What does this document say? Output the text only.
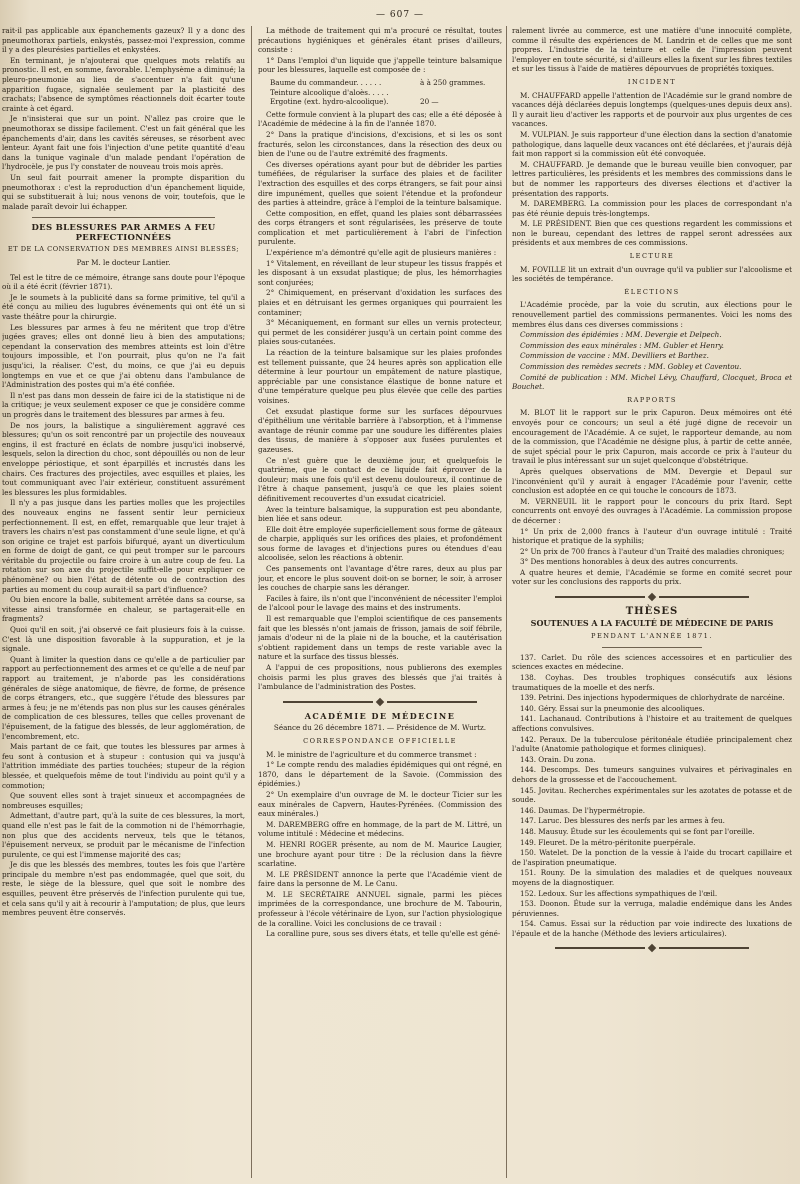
— 607 —

rait-il pas applicable aux épanchements gazeux? Il y a donc des pneumothorax partiels, enkystés, passez-moi l'expression, comme il y a des pleurésies partielles et enkystées.

En terminant, je n'ajouterai que quelques mots relatifs au pronostic. Il est, en somme, favorable. L'emphysème a diminué; la pleuro-pneumonie au lieu de s'accentuer n'a fait qu'une apparition fugace, signalée seulement par la plasticité des crachats; l'absence de symptômes réactionnels doit écarter toute crainte à cet égard.

Je n'insisterai que sur un point. N'allez pas croire que le pneumothorax se dissipe facilement. C'est un fait général que les épanchements d'air, dans les cavités séreuses, se résorbent avec lenteur. Ayant fait une fois l'injection d'une petite quantité d'eau dans la tunique vaginale d'un malade pendant l'opération de l'hydrocèle, je pus l'y constater de nouveau trois mois après.

Un seul fait pourrait amener la prompte disparition du pneumothorax : c'est la reproduction d'un épanchement liquide, qui se substituerait à lui; nous venons de voir, toutefois, que le malade paraît devoir lui échapper.

DES BLESSURES PAR ARMES A FEU PERFECTIONNÉES
ET DE LA CONSERVATION DES MEMBRES AINSI BLESSÉS;
Par M. le docteur Lantier.

Tel est le titre de ce mémoire, étrange sans doute pour l'époque où il a été écrit (février 1871).

Je le soumets à la publicité dans sa forme primitive, tel qu'il a été conçu au milieu des lugubres événements qui ont été un si vaste théâtre pour la chirurgie.

Les blessures par armes à feu ne méritent que trop d'être jugées graves; elles ont donné lieu à bien des amputations; cependant la conservation des membres atteints est loin d'être toujours impossible, et l'on pourrait, plus qu'on ne l'a fait jusqu'ici, la réaliser. C'est, du moins, ce que j'ai eu depuis longtemps en vue et ce que j'ai obtenu dans l'ambulance de l'Administration des postes qui m'a été confiée.

Il n'est pas dans mon dessein de faire ici de la statistique ni de la critique; je veux seulement exposer ce que je considère comme un progrès dans le traitement des blessures par armes à feu.

De nos jours, la balistique a singulièrement aggravé ces blessures; qu'un os soit rencontré par un projectile des nouveaux engins, il est fracturé en éclats de nombre jusqu'ici inobservé, lesquels, selon la direction du choc, sont dépouillés ou non de leur enveloppe périostique, et sont éparpillés et incrustés dans les chairs. Ces fractures des projectiles, avec esquilles et plaies, les tout communiquant avec l'air extérieur, constituent assurément les blessures les plus formidables.

Il n'y a pas jusque dans les parties molles que les projectiles des nouveaux engins ne fassent sentir leur pernicieux perfectionnement. Il est, en effet, remarquable que leur trajet à travers les chairs n'est pas constamment d'une seule ligne, et qu'à son origine ce trajet est parfois bifurqué, ayant un diverticulum en forme de doigt de gant, ce qui peut tromper sur le parcours véritable du projectile ou faire croire à un autre coup de feu. La rotation sur son axe du projectile suffit-elle pour expliquer ce phénomène? ou bien l'état de détente ou de contraction des parties au moment du coup aurait-il sa part d'influence?

Ou bien encore la balle, subitement arrêtée dans sa course, sa vitesse ainsi transformée en chaleur, se partagerait-elle en fragments?

Quoi qu'il en soit, j'ai observé ce fait plusieurs fois à la cuisse. C'est là une disposition favorable à la suppuration, et je la signale.

Quant à limiter la question dans ce qu'elle a de particulier par rapport au perfectionnement des armes et ce qu'elle a de neuf par rapport au traitement, je n'aborde pas les considérations générales de siège anatomique, de fièvre, de forme, de présence de corps étrangers, etc., que suggère l'étude des blessures par armes à feu; je ne m'étends pas non plus sur les causes générales de complication de ces blessures, telles que celles provenant de l'épuisement, de la fatigue des blessés, de leur agglomération, de l'encombrement, etc.

Mais partant de ce fait, que toutes les blessures par armes à feu sont à contusion et à stupeur : contusion qui va jusqu'à l'attrition immédiate des parties touchées; stupeur de la région blessée, et quelquefois même de tout l'individu au point qu'il y a commotion;

Que souvent elles sont à trajet sinueux et accompagnées de nombreuses esquilles;

Admettant, d'autre part, qu'à la suite de ces blessures, la mort, quand elle n'est pas le fait de la commotion ni de l'hémorrhagie, non plus que des accidents nerveux, tels que le tétanos, l'épuisement nerveux, se produit par le mécanisme de l'infection purulente, ce qui est l'immense majorité des cas;

Je dis que les blessés des membres, toutes les fois que l'artère principale du membre n'est pas endommagée, quel que soit, du reste, le siège de la blessure, quel que soit le nombre des esquilles, peuvent être préservés de l'infection purulente qui tue, et cela sans qu'il y ait à recourir à l'amputation; de plus, que leurs membres peuvent être conservés.

La méthode de traitement qui m'a procuré ce résultat, toutes précautions hygiéniques et générales étant prises d'ailleurs, consiste :

1° Dans l'emploi d'un liquide que j'appelle teinture balsamique pour les blessures, laquelle est composée de :

Baume du commandeur. . . . . .	à à 250 grammes.
Teinture alcoolique d'aloès. . . . .
Ergotine (ext. hydro-alcoolique).	20 —

Cette formule convient à la plupart des cas; elle a été déposée à l'Académie de médecine à la fin de l'année 1870.

2° Dans la pratique d'incisions, d'excisions, et si les os sont fracturés, selon les circonstances, dans la résection des deux ou bien de l'une ou de l'autre extrémité des fragments.

Ces diverses opérations ayant pour but de débrider les parties tuméfiées, de régulariser la surface des plaies et de faciliter l'extraction des esquilles et des corps étrangers, se fait pour ainsi dire impunément, quelles que soient l'étendue et la profondeur des parties à atteindre, grâce à l'emploi de la teinture balsamique.

Cette composition, en effet, quand les plaies sont débarrassées des corps étrangers et sont régularisées, les préserve de toute complication et met particulièrement à l'abri de l'infection purulente.

L'expérience m'a démontré qu'elle agit de plusieurs manières :

1° Vitalement, en réveillant de leur stupeur les tissus frappés et les disposant à un exsudat plastique; de plus, les hémorrhagies sont conjurées;

2° Chimiquement, en préservant d'oxidation les surfaces des plaies et en détruisant les germes organiques qui pourraient les contaminer;

3° Mécaniquement, en formant sur elles un vernis protecteur, qui permet de les considérer jusqu'à un certain point comme des plaies sous-cutanées.

La réaction de la teinture balsamique sur les plaies profondes est tellement puissante, que 24 heures après son application elle détermine à leur pourtour un empâtement de nature plastique, appréciable par une consistance élastique de bonne nature et d'une température quelque peu plus élevée que celle des parties voisines.

Cet exsudat plastique forme sur les surfaces dépourvues d'épithélium une véritable barrière à l'absorption, et à l'immense avantage de réunir comme par une soudure les différentes plaies des tissus, de manière à s'opposer aux fusées purulentes et gazeuses.

Ce n'est guère que le deuxième jour, et quelquefois le quatrième, que le contact de ce liquide fait éprouver de la douleur; mais une fois qu'il est devenu douloureux, il continue de l'être à chaque pansement, jusqu'à ce que les plaies soient définitivement recouvertes d'un exsudat cicatriciel.

Avec la teinture balsamique, la suppuration est peu abondante, bien liée et sans odeur.

Elle doit être employée superficiellement sous forme de gâteaux de charpie, appliqués sur les orifices des plaies, et profondément sous forme de lavages et d'injections pures ou étendues d'eau alcoolisée, selon les réactions à obtenir.

Ces pansements ont l'avantage d'être rares, deux au plus par jour, et encore le plus souvent doit-on se borner, le soir, à arroser les couches de charpie sans les déranger.

Faciles à faire, ils n'ont que l'inconvénient de nécessiter l'emploi de l'alcool pour le lavage des mains et des instruments.

Il est remarquable que l'emploi scientifique de ces pansements fait que les blessés n'ont jamais de frisson, jamais de soif fébrile, jamais d'odeur ni de la plaie ni de la bouche, et la cautérisation s'obtient rapidement dans un temps de reste variable avec la nature et la surface des tissus blessés.

A l'appui de ces propositions, nous publierons des exemples choisis parmi les plus graves des blessés que j'ai traités à l'ambulance de l'administration des Postes.

ACADÉMIE DE MÉDECINE

Séance du 26 décembre 1871. — Présidence de M. Wurtz.

CORRESPONDANCE OFFICIELLE

M. le ministre de l'agriculture et du commerce transmet :

1° Le compte rendu des maladies épidémiques qui ont régné, en 1870, dans le département de la Savoie. (Commission des épidémies.)

2° Un exemplaire d'un ouvrage de M. le docteur Ticier sur les eaux minérales de Capvern, Hautes-Pyrénées. (Commission des eaux minérales.)

M. DAREMBERG offre en hommage, de la part de M. Littré, un volume intitulé : Médecine et médecins.

M. HENRI ROGER présente, au nom de M. Maurice Laugier, une brochure ayant pour titre : De la réclusion dans la fièvre scarlatine.

M. LE PRÉSIDENT annonce la perte que l'Académie vient de faire dans la personne de M. Le Canu.

M. LE SECRÉTAIRE ANNUEL signale, parmi les pièces imprimées de la correspondance, une brochure de M. Tabourin, professeur à l'école vétérinaire de Lyon, sur l'action physiologique de la coralline. Voici les conclusions de ce travail :

La coralline pure, sous ses divers états, et telle qu'elle est géné-

ralement livrée au commerce, est une matière d'une innocuité complète, comme il résulte des expériences de M. Landrin et de celles que me sont propres. L'industrie de la teinture et celle de l'impression peuvent l'employer en toute sécurité, si d'ailleurs elles la fixent sur les fibres textiles et sur les tissus à l'aide de matières dépourvues de propriétés toxiques.

INCIDENT

M. CHAUFFARD appelle l'attention de l'Académie sur le grand nombre de vacances déjà déclarées depuis longtemps (quelques-unes depuis deux ans). Il y aurait lieu d'activer les rapports et de pourvoir aux plus urgentes de ces vacances.

M. VULPIAN. Je suis rapporteur d'une élection dans la section d'anatomie pathologique, dans laquelle deux vacances ont été déclarées, et j'aurais déjà fait mon rapport si la commission eût été convoquée.

M. CHAUFFARD. Je demande que le bureau veuille bien convoquer, par lettres particulières, les présidents et les membres des commissions dans le but de nommer les rapporteurs des diverses élections et d'activer la présentation des rapports.

M. DAREMBERG. La commission pour les places de correspondant n'a pas été réunie depuis très-longtemps.

M. LE PRÉSIDENT. Bien que ces questions regardent les commissions et non le bureau, cependant des lettres de rappel seront adressées aux présidents et aux membres de ces commissions.

LECTURE

M. FOVILLE lit un extrait d'un ouvrage qu'il va publier sur l'alcoolisme et les sociétés de tempérance.

ÉLECTIONS

L'Académie procède, par la voie du scrutin, aux élections pour le renouvellement partiel des commissions permanentes. Voici les noms des membres élus dans ces diverses commissions :

Commission des épidémies : MM. Devergie et Delpech.

Commission des eaux minérales : MM. Gubler et Henry.

Commission de vaccine : MM. Devilliers et Barthez.

Commission des remèdes secrets : MM. Gobley et Caventou.

Comité de publication : MM. Michel Lévy, Chauffard, Clocquet, Broca et Bouchet.

RAPPORTS

M. BLOT lit le rapport sur le prix Capuron. Deux mémoires ont été envoyés pour ce concours; un seul a été jugé digne de recevoir un encouragement de l'Académie. A ce sujet, le rapporteur demande, au nom de la commission, que l'Académie ne désigne plus, à partir de cette année, de sujet spécial pour le prix Capuron, mais accorde ce prix à l'auteur du travail le plus intéressant sur un sujet quelconque d'obstétrique.

Après quelques observations de MM. Devergie et Depaul sur l'inconvénient qu'il y aurait à engager l'Académie pour l'avenir, cette conclusion est adoptée en ce qui touche le concours de 1873.

M. VERNEUIL lit le rapport pour le concours du prix Itard. Sept concurrents ont envoyé des ouvrages à l'Académie. La commission propose de décerner :

1° Un prix de 2,000 francs à l'auteur d'un ouvrage intitulé : Traité historique et pratique de la syphilis;

2° Un prix de 700 francs à l'auteur d'un Traité des maladies chroniques;

3° Des mentions honorables à deux des autres concurrents.

A quatre heures et demie, l'Académie se forme en comité secret pour voter sur les conclusions des rapports du prix.

THÈSES
SOUTENUES A LA FACULTÉ DE MÉDECINE DE PARIS
PENDANT L'ANNÉE 1871.

137. Carlet. Du rôle des sciences accessoires et en particulier des sciences exactes en médecine.

138. Coyhas. Des troubles trophiques consécutifs aux lésions traumatiques de la moelle et des nerfs.

139. Petrini. Des injections hypodermiques de chlorhydrate de narcéine.

140. Géry. Essai sur la pneumonie des alcooliques.

141. Lachanaud. Contributions à l'histoire et au traitement de quelques affections convulsives.

142. Peraux. De la tuberculose péritonéale étudiée principalement chez l'adulte (Anatomie pathologique et formes cliniques).

143. Orain. Du zona.

144. Descomps. Des tumeurs sanguines vulvaires et périvaginales en dehors de la grossesse et de l'accouchement.

145. Jovitau. Recherches expérimentales sur les azotates de potasse et de soude.

146. Daumas. De l'hypermétropie.

147. Laruc. Des blessures des nerfs par les armes à feu.

148. Mausuy. Étude sur les écoulements qui se font par l'oreille.

149. Fleuret. De la métro-péritonite puerpérale.

150. Watelet. De la ponction de la vessie à l'aide du trocart capillaire et de l'aspiration pneumatique.

151. Rouny. De la simulation des maladies et de quelques nouveaux moyens de la diagnostiquer.

152. Ledoux. Sur les affections sympathiques de l'œil.

153. Doonon. Étude sur la verruga, maladie endémique dans les Andes péruviennes.

154. Camus. Essai sur la réduction par voie indirecte des luxations de l'épaule et de la hanche (Méthode des leviers articulaires).
